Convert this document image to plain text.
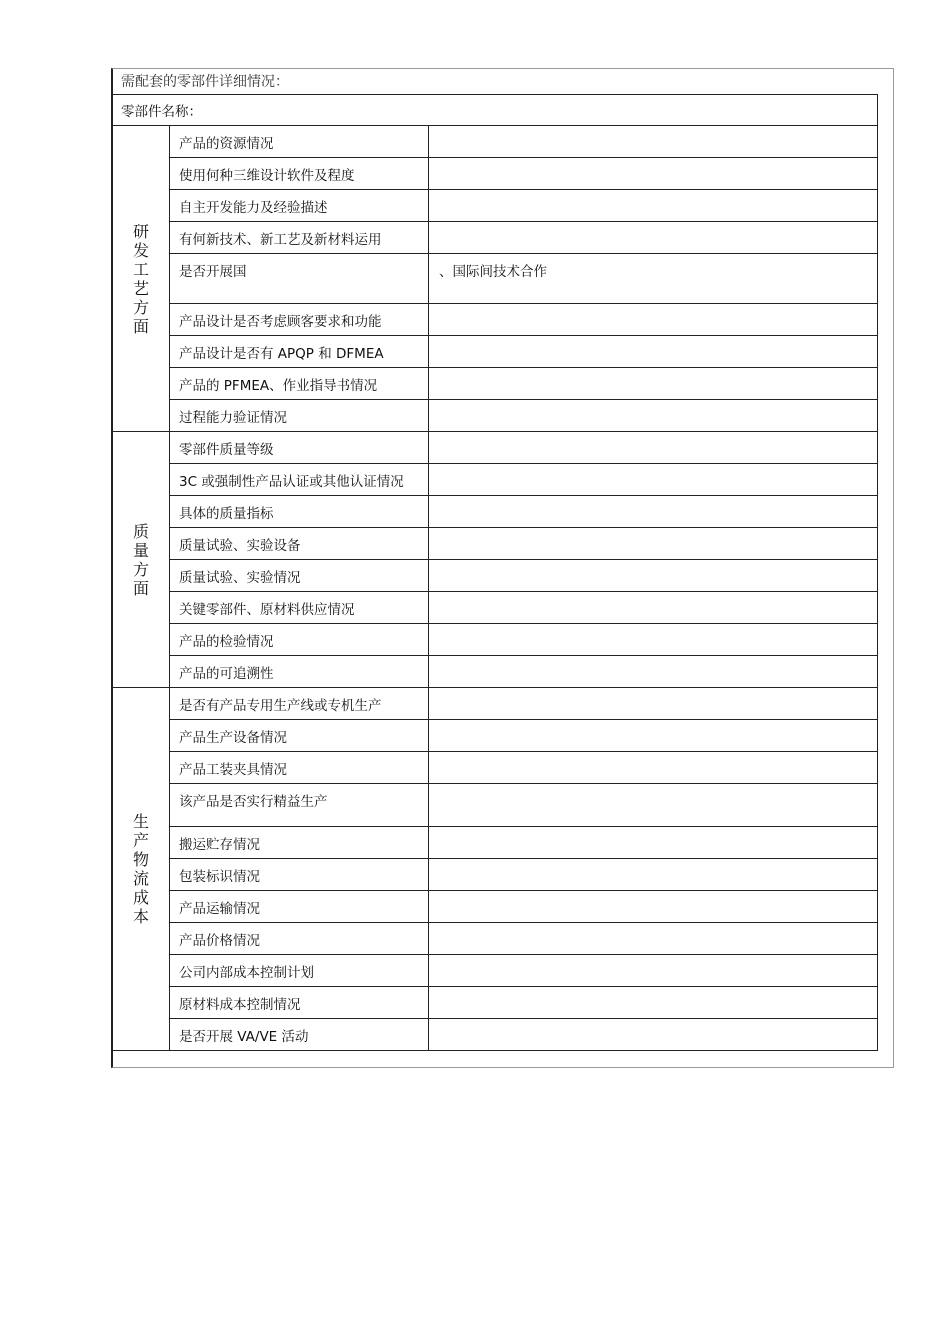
需配套的零部件详细情况：
零部件名称：		
研发工艺方面	产品的资源情况	
	使用何种三维设计软件及程度	
	自主开发能力及经验描述	
	有何新技术、新工艺及新材料运用	
	是否开展国	、国际间技术合作
	产品设计是否考虑顾客要求和功能	
	产品设计是否有 APQP 和 DFMEA	
	产品的 PFMEA、作业指导书情况	
	过程能力验证情况	
质量方面	零部件质量等级	
	3C 或强制性产品认证或其他认证情况	
	具体的质量指标	
	质量试验、实验设备	
	质量试验、实验情况	
	关键零部件、原材料供应情况	
	产品的检验情况	
	产品的可追溯性	
生产物流成本	是否有产品专用生产线或专机生产	
	产品生产设备情况	
	产品工装夹具情况	
	该产品是否实行精益生产	
	搬运贮存情况	
	包装标识情况	
	产品运输情况	
	产品价格情况	
	公司内部成本控制计划	
	原材料成本控制情况	
	是否开展 VA/VE 活动	
